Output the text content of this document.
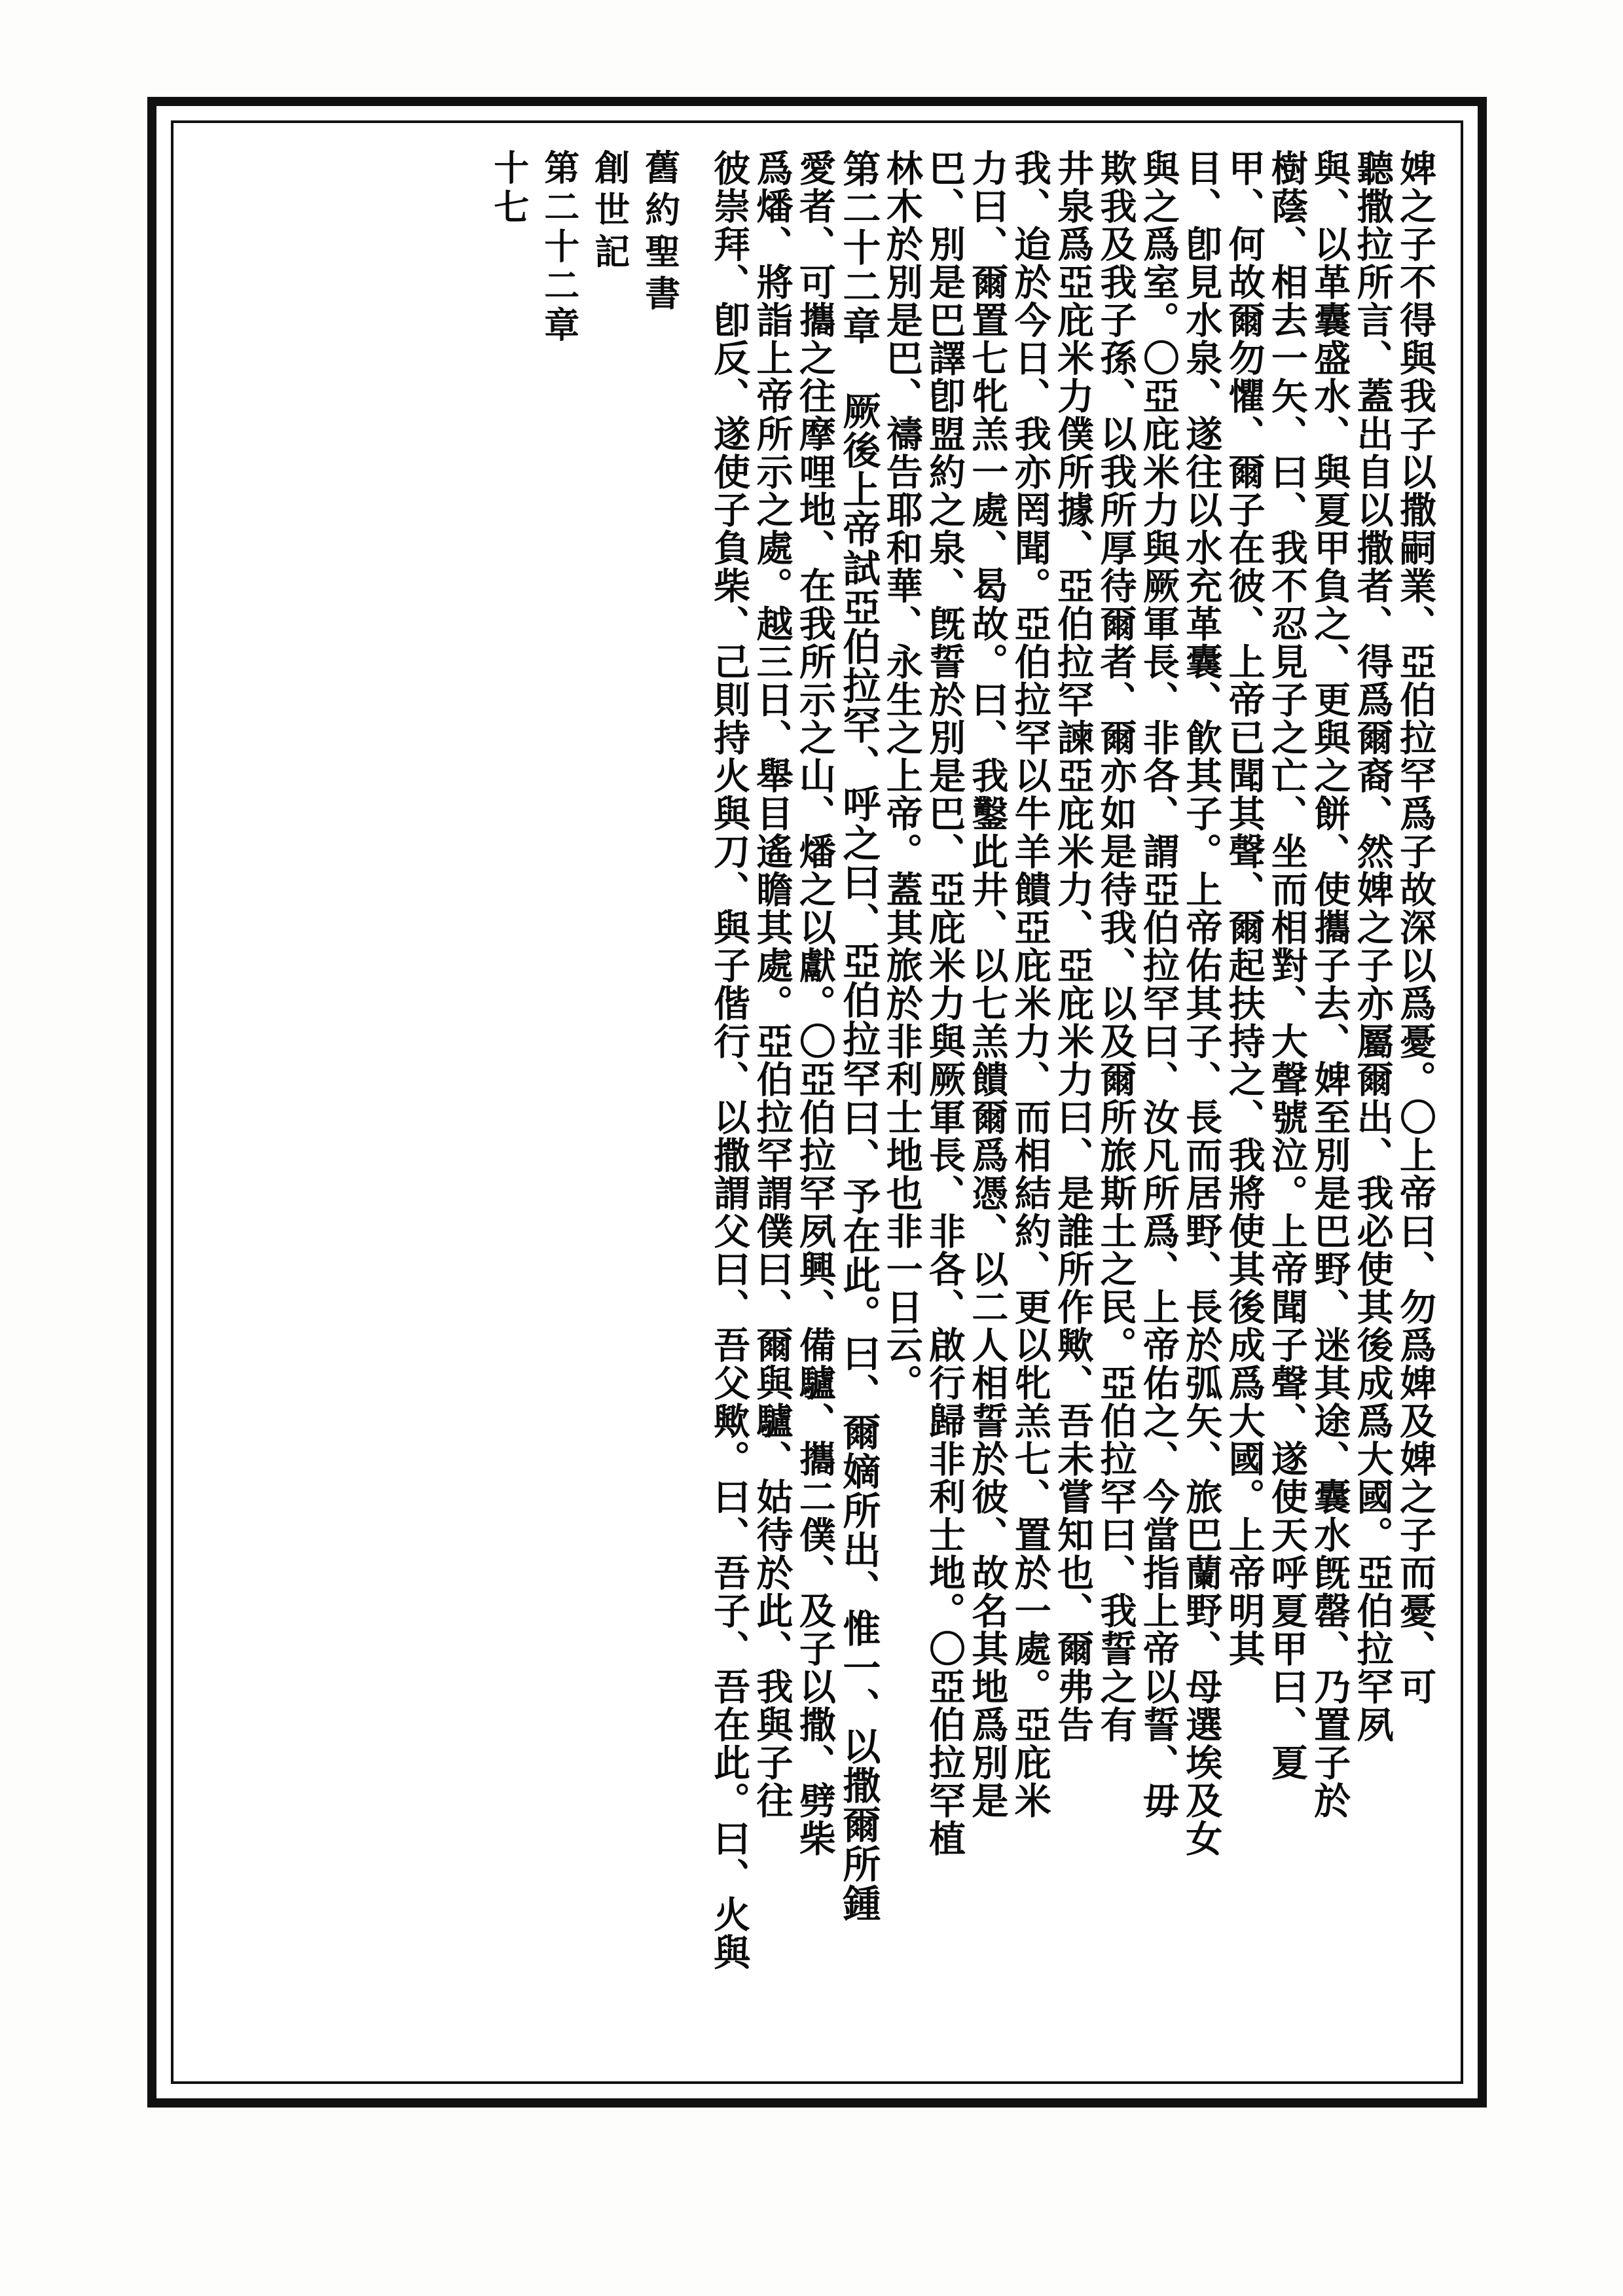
婢之子不得與我子以撒嗣業、亞伯拉罕爲子故深以爲憂。〇上帝曰、勿爲婢及婢之子而憂、可
聽撒拉所言、蓋出自以撒者、得爲爾裔、然婢之子亦屬爾出、我必使其後成爲大國。亞伯拉罕夙
與、以革囊盛水、與夏甲負之、更與之餅、使攜子去、婢至別是巴野、迷其途、囊水旣罄、乃置子於
樹蔭、相去一矢、曰、我不忍見子之亡、坐而相對、大聲號泣。上帝聞子聲、遂使天呼夏甲曰、夏
甲、何故爾勿懼、爾子在彼、上帝已聞其聲、爾起扶持之、我將使其後成爲大國。上帝明其
目、卽見水泉、遂往以水充革囊、飮其子。上帝佑其子、長而居野、長於弧矢、旅巴蘭野、母選埃及女
與之爲室。〇亞庇米力與厥軍長、非各、謂亞伯拉罕曰、汝凡所爲、上帝佑之、今當指上帝以誓、毋
欺我及我子孫、以我所厚待爾者、爾亦如是待我、以及爾所旅斯土之民。亞伯拉罕曰、我誓之有
井泉爲亞庇米力僕所據、亞伯拉罕諫亞庇米力、亞庇米力曰、是誰所作歟、吾未嘗知也、爾弗告
我、迨於今日、我亦罔聞。亞伯拉罕以牛羊饋亞庇米力、而相結約、更以牝羔七、置於一處。亞庇米
力曰、爾置七牝羔一處、曷故。曰、我鑿此井、以七羔饋爾爲憑、以二人相誓於彼、故名其地爲別是
巴、別是巴譯卽盟約之泉、旣誓於別是巴、亞庇米力與厥軍長、非各、啟行歸非利士地。〇亞伯拉罕植
林木於別是巴、禱告耶和華、永生之上帝。蓋其旅於非利士地也非一日云。
第二十二章 厥後上帝試亞伯拉罕、呼之曰、亞伯拉罕曰、予在此。曰、爾嫡所出、惟一、以撒爾所鍾
愛者、可攜之往摩哩地、在我所示之山、燔之以獻。〇亞伯拉罕夙興、備驢、攜二僕、及子以撒、劈柴
爲燔、將詣上帝所示之處。越三日、舉目遙瞻其處。亞伯拉罕謂僕曰、爾與驢、姑待於此、我與子往
彼崇拜、卽反、遂使子負柴、己則持火與刀、與子偕行、以撒謂父曰、吾父歟。曰、吾子、吾在此。曰、火與
舊約聖書
創世記
第二十二章
十七
